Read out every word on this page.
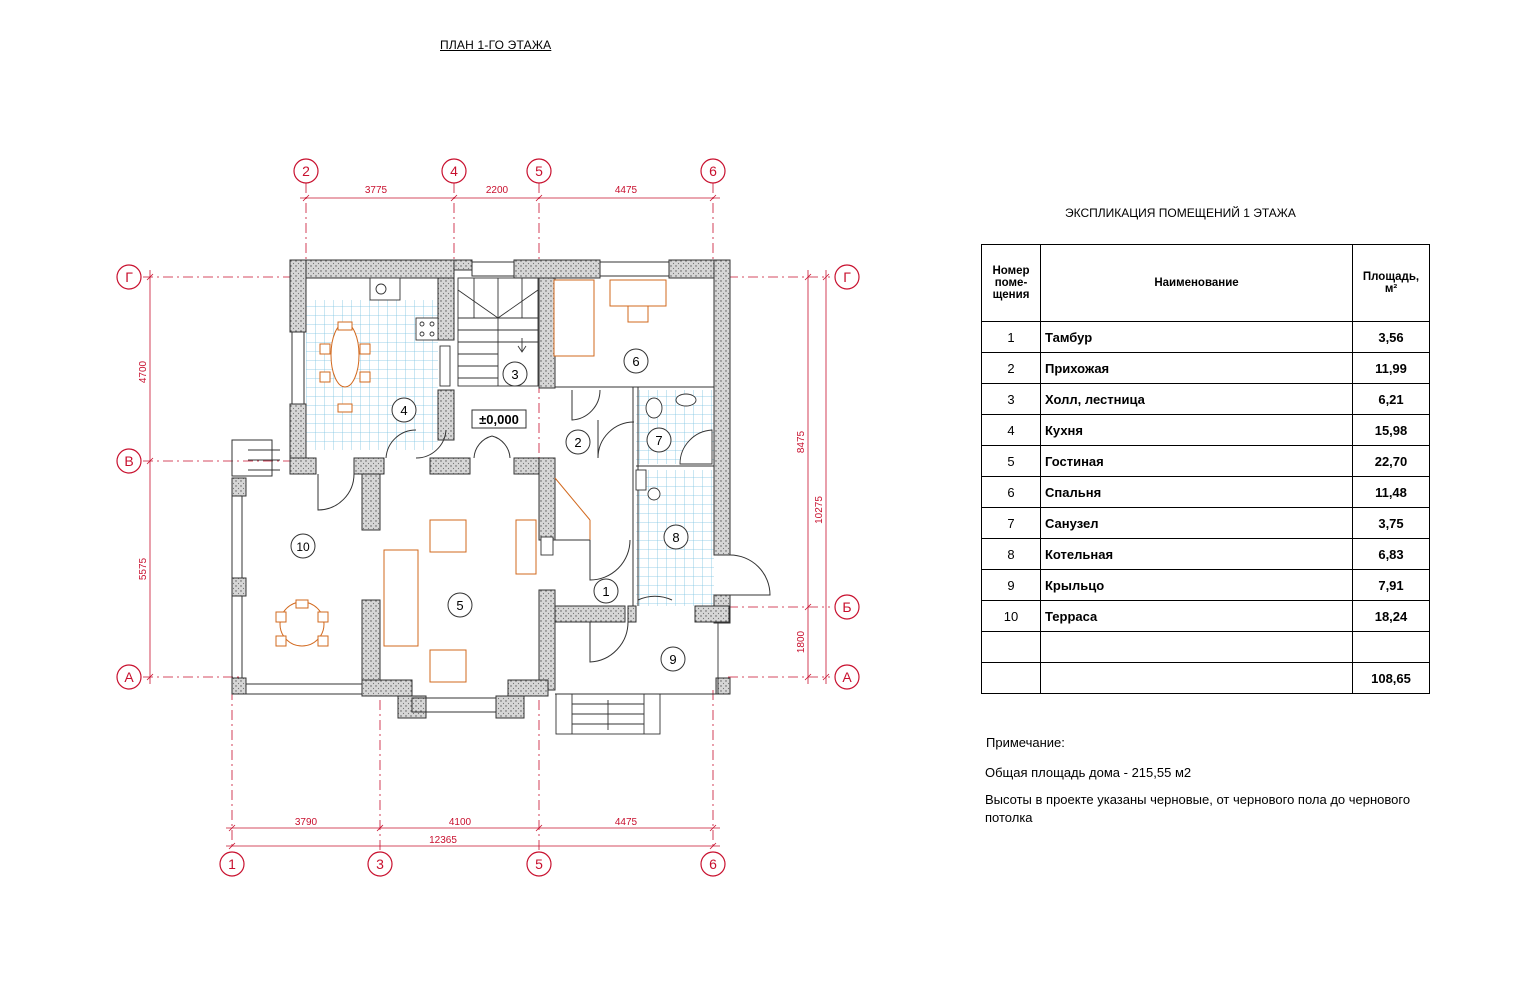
±0,000
1
2
3
4
5
6
7
8
9
10
2	4	5	6
1	3	5	6
Г
В
А
Г
Б
А
3775	2200	4475
3790	4100	4475
12365
4700
5575
8475
1800
10275
ПЛАН 1-ГО ЭТАЖА
ЭКСПЛИКАЦИЯ ПОМЕЩЕНИЙ 1 ЭТАЖА
Номер поме-щения	Наименование	Площадь, м²
1	Тамбур	3,56
2	Прихожая	11,99
3	Холл, лестница	6,21
4	Кухня	15,98
5	Гостиная	22,70
6	Спальня	11,48
7	Санузел	3,75
8	Котельная	6,83
9	Крыльцо	7,91
10	Терраса	18,24

		108,65
Примечание:
Общая площадь дома - 215,55 м2
Высоты в проекте указаны черновые, от чернового пола до чернового потолка
